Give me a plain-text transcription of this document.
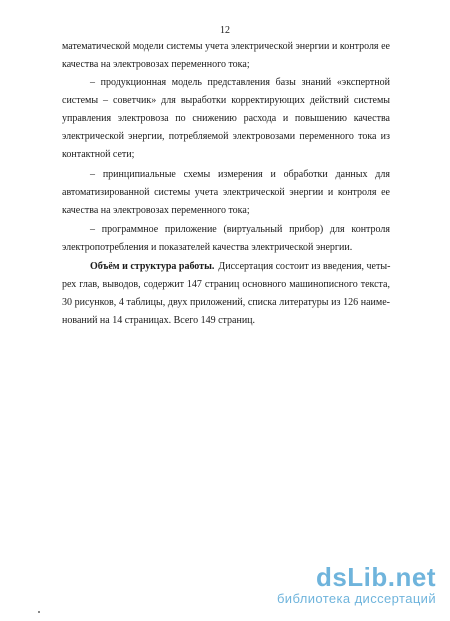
12
математической модели системы учета электрической энергии и контроля ее
качества на электровозах переменного тока;
– продукционная модель представления базы знаний «экспертной
системы – советчик» для выработки корректирующих действий системы
управления электровоза по снижению расхода и повышению качества
электрической энергии, потребляемой электровозами переменного тока из
контактной сети;
– принципиальные схемы измерения и обработки данных для
автоматизированной системы учета электрической энергии и контроля ее
качества на электровозах переменного тока;
– программное приложение (виртуальный прибор) для контроля
электропотребления и показателей качества электрической энергии.
Объём и структура работы. Диссертация состоит из введения, четы-
рех глав, выводов, содержит 147 страниц основного машинописного текста,
30 рисунков, 4 таблицы, двух приложений, списка литературы из 126 наиме-
нований на 14 страницах. Всего 149 страниц.
dsLib.net
библиотека диссертаций
